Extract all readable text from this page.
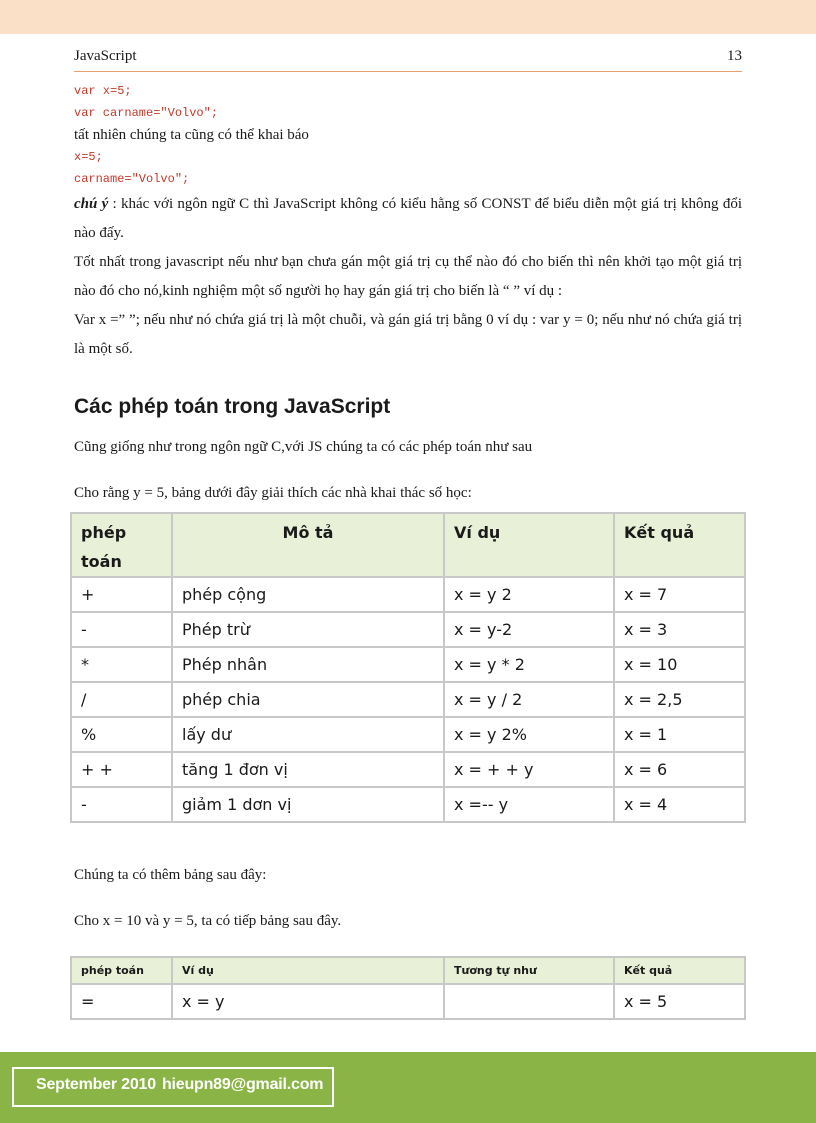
JavaScript	13
var x=5;
var carname="Volvo";

tất nhiên chúng ta cũng có thể khai báo

x=5;
carname="Volvo";

chú ý : khác với ngôn ngữ C thì JavaScript không có kiểu hằng số CONST để biểu diễn một giá trị không đổi nào đấy.

Tốt nhất trong javascript nếu như bạn chưa gán một giá trị cụ thể nào đó cho biến thì nên khởi tạo một giá trị nào đó cho nó,kinh nghiệm một số người họ hay gán giá trị cho biến là “ ” ví dụ :

Var x =” ”; nếu như nó chứa giá trị là một chuỗi, và gán giá trị bằng 0 ví dụ : var y = 0; nếu như nó chứa giá trị là một số.

Các phép toán trong JavaScript

Cũng giống như trong ngôn ngữ C,với JS chúng ta có các phép toán như sau

Cho rằng y = 5, bảng dưới đây giải thích các nhà khai thác số học:

phép toán	Mô tả	Ví dụ	Kết quả
+	phép cộng	x = y 2	x = 7
-	Phép trừ	x = y-2	x = 3
*	Phép nhân	x = y * 2	x = 10
/	phép chia	x = y / 2	x = 2,5
%	lấy dư	x = y 2%	x = 1
+ +	tăng 1 đơn vị	x = + + y	x = 6
-	giảm 1 dơn vị	x =-- y	x = 4

Chúng ta có thêm bảng sau đây:

Cho x = 10 và y = 5, ta có tiếp bảng sau đây.

phép toán	Ví dụ	Tương tự như	Kết quả
=	x = y		x = 5
September 2010 hieupn89@gmail.com
